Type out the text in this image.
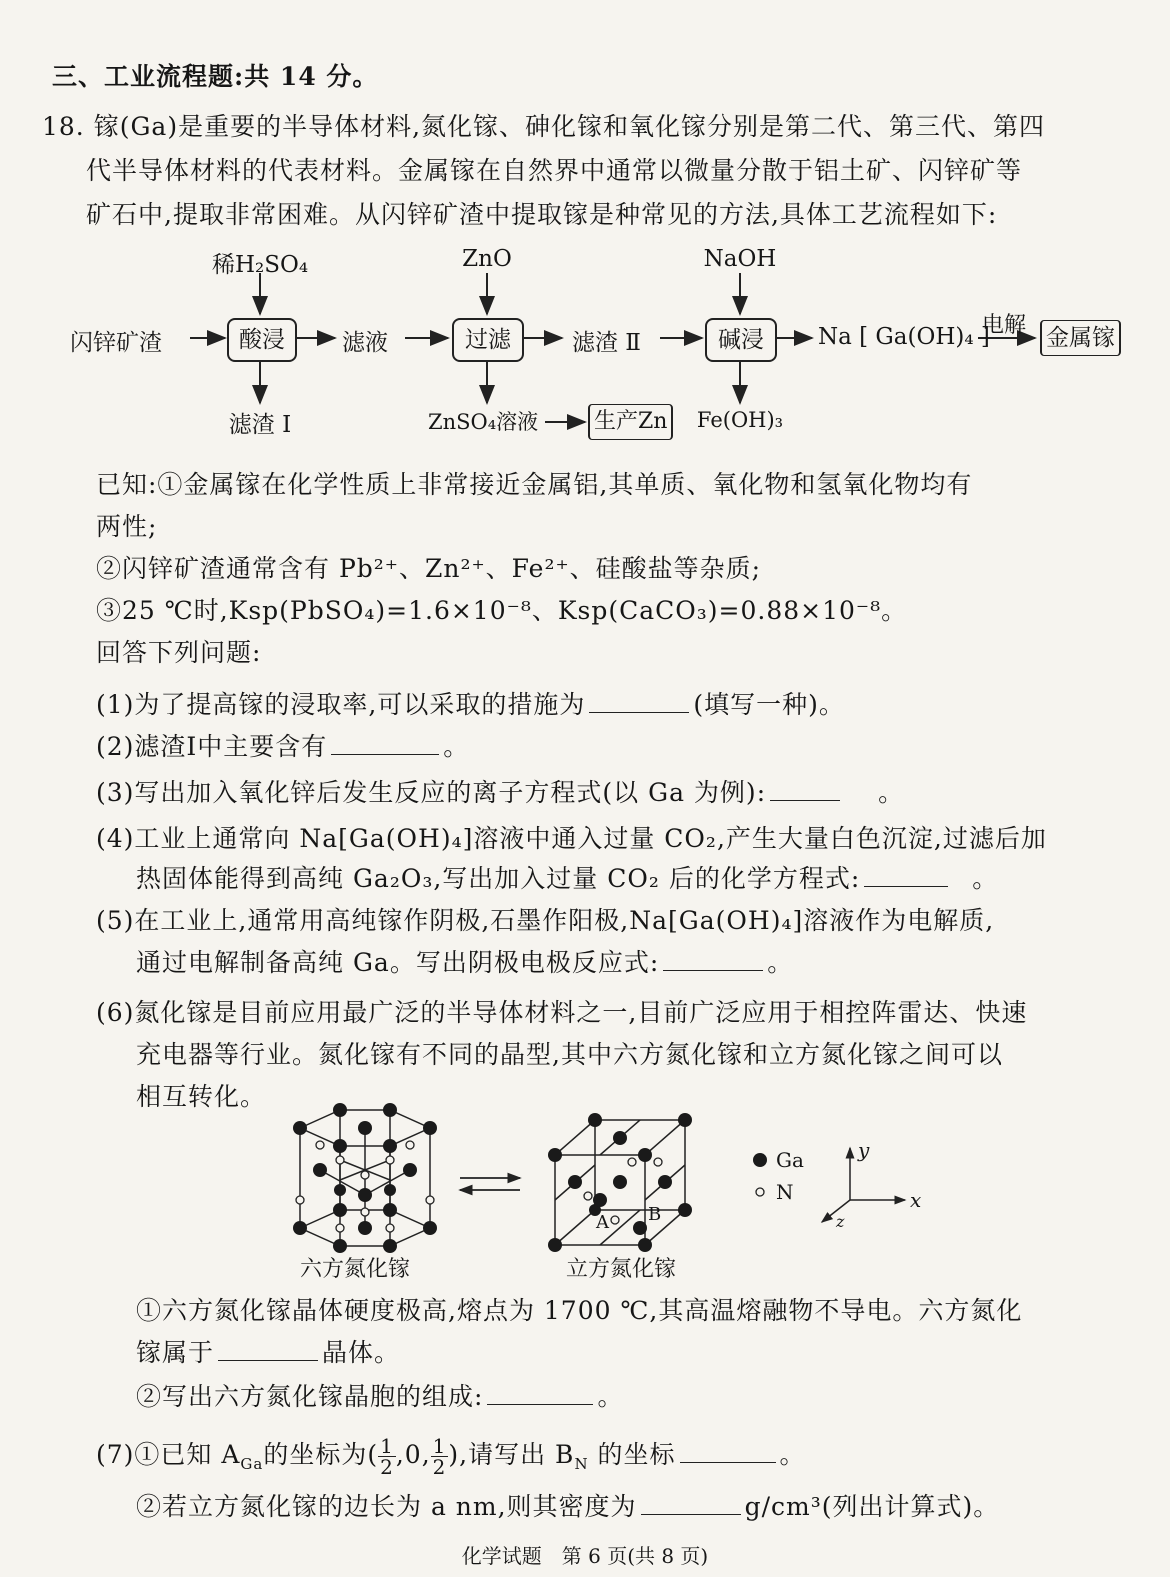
三、工业流程题:共 14 分。
18. 镓(Ga)是重要的半导体材料,氮化镓、砷化镓和氧化镓分别是第二代、第三代、第四
代半导体材料的代表材料。金属镓在自然界中通常以微量分散于铝土矿、闪锌矿等
矿石中,提取非常困难。从闪锌矿渣中提取镓是种常见的方法,具体工艺流程如下:
稀H₂SO₄	ZnO	NaOH
闪锌矿渣	酸浸	滤液	过滤	滤渣 Ⅱ	碱浸	Na [ Ga(OH)₄ ]
电解 金属镓
滤渣 Ⅰ	ZnSO₄溶液	生产Zn Fe(OH)₃
已知:①金属镓在化学性质上非常接近金属铝,其单质、氧化物和氢氧化物均有
两性;
②闪锌矿渣通常含有 Pb²⁺、Zn²⁺、Fe²⁺、硅酸盐等杂质;
③25 ℃时,Ksp(PbSO₄)=1.6×10⁻⁸、Ksp(CaCO₃)=0.88×10⁻⁸。
回答下列问题:
(1)为了提高镓的浸取率,可以采取的措施为	(填写一种)。
(2)滤渣Ⅰ中主要含有	。
(3)写出加入氧化锌后发生反应的离子方程式(以 Ga 为例):	。
(4)工业上通常向 Na[Ga(OH)₄]溶液中通入过量 CO₂,产生大量白色沉淀,过滤后加
热固体能得到高纯 Ga₂O₃,写出加入过量 CO₂ 后的化学方程式:	。
(5)在工业上,通常用高纯镓作阴极,石墨作阳极,Na[Ga(OH)₄]溶液作为电解质,
通过电解制备高纯 Ga。写出阴极电极反应式:	。
(6)氮化镓是目前应用最广泛的半导体材料之一,目前广泛应用于相控阵雷达、快速
充电器等行业。氮化镓有不同的晶型,其中六方氮化镓和立方氮化镓之间可以
相互转化。
A B
Ga
N
y
x
z
六方氮化镓	立方氮化镓
①六方氮化镓晶体硬度极高,熔点为 1700 ℃,其高温熔融物不导电。六方氮化
镓属于	晶体。
②写出六方氮化镓晶胞的组成:	。
(7)①已知 $A_{Ga}$的坐标为( $\frac{1}{2} ,0$, $\frac{1}{2}$ ),请写出 $B_N$ 的坐标	。
②若立方氮化镓的边长为 a nm,则其密度为	g/cm³(列出计算式)。
化学试题　第 6 页(共 8 页)
